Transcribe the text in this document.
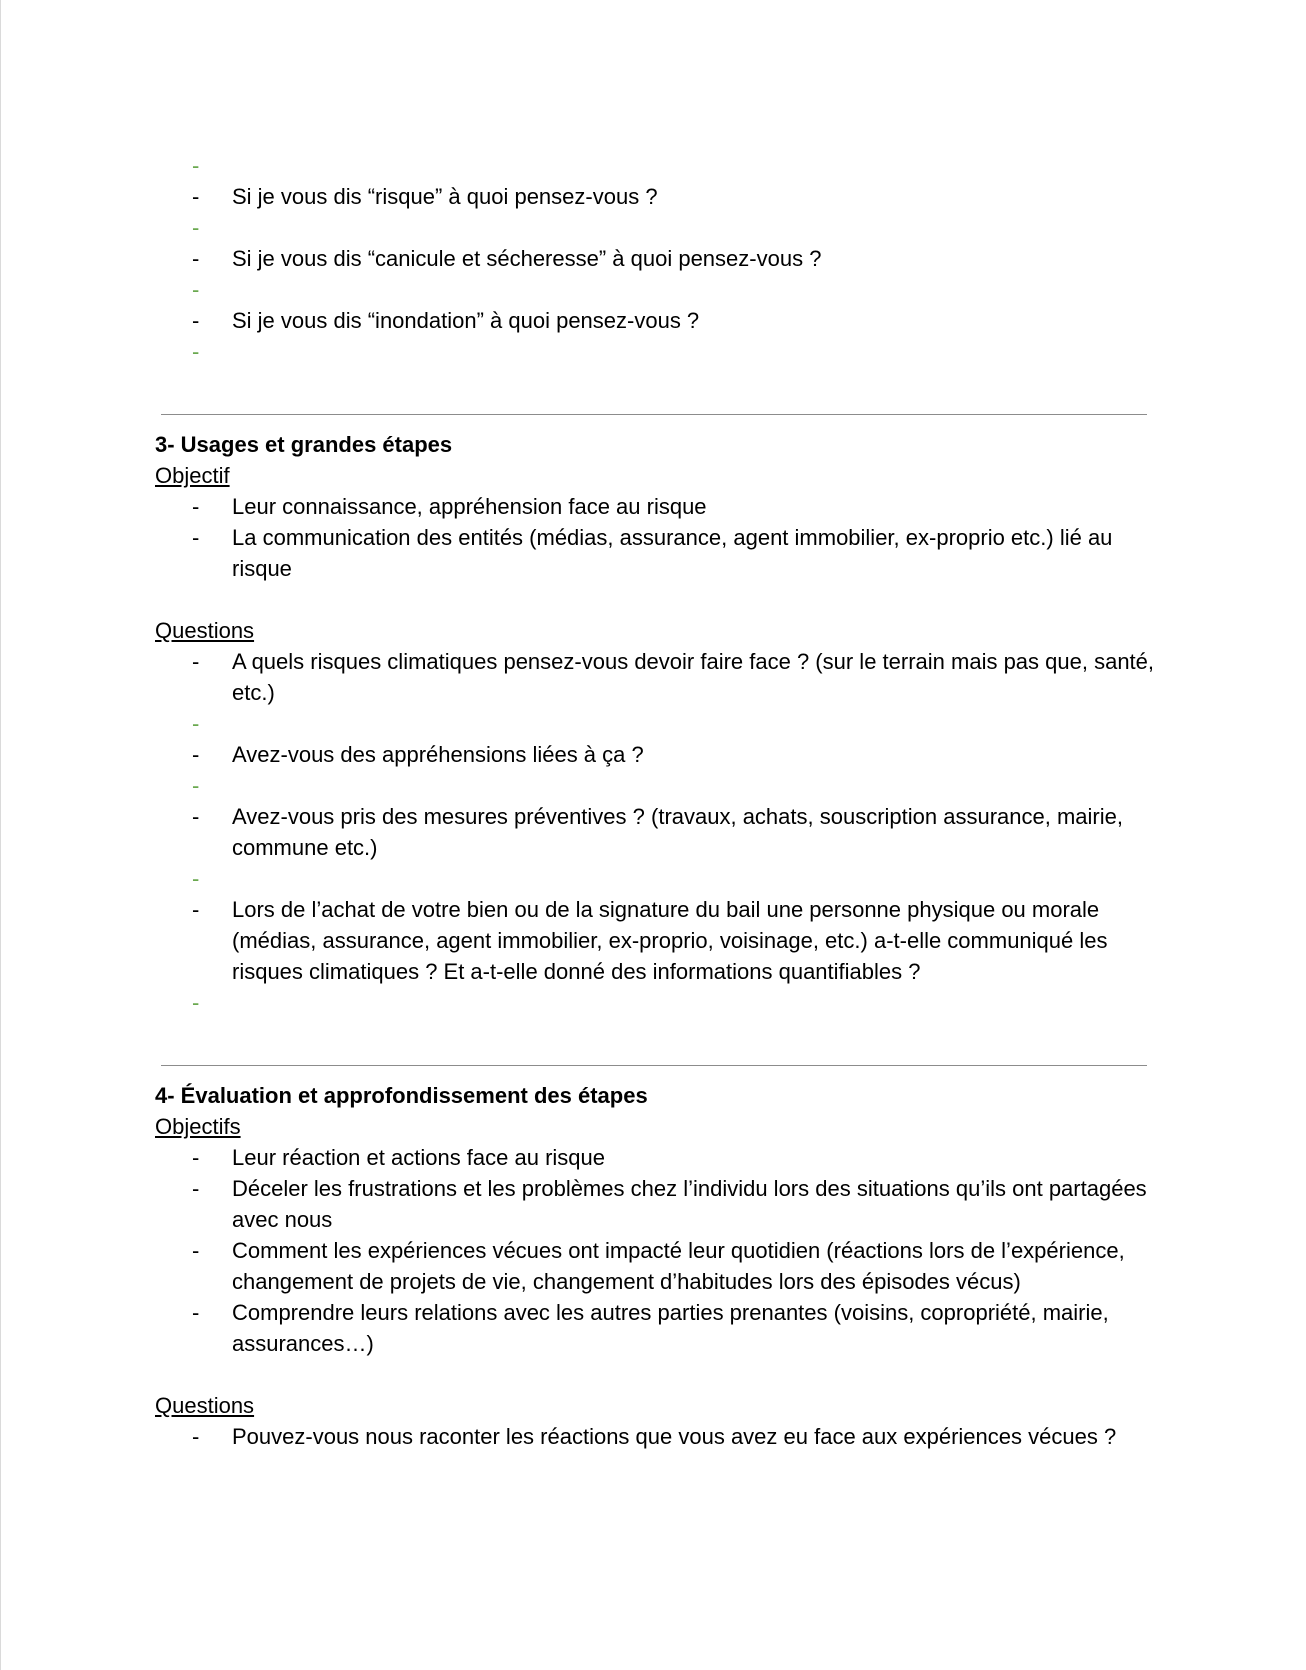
-
-	Si je vous dis “risque” à quoi pensez-vous ?
-
-	Si je vous dis “canicule et sécheresse” à quoi pensez-vous ?
-
-	Si je vous dis “inondation” à quoi pensez-vous ?
-
3- Usages et grandes étapes
Objectif
-	Leur connaissance, appréhension face au risque
-	La communication des entités (médias, assurance, agent immobilier, ex-proprio etc.) lié au risque
Questions
-	A quels risques climatiques pensez-vous devoir faire face ? (sur le terrain mais pas que, santé, etc.)
-
-	Avez-vous des appréhensions liées à ça ?
-
-	Avez-vous pris des mesures préventives ? (travaux, achats, souscription assurance, mairie, commune etc.)
-
-	Lors de l’achat de votre bien ou de la signature du bail une personne physique ou morale (médias, assurance, agent immobilier, ex-proprio, voisinage, etc.) a-t-elle communiqué les risques climatiques ? Et a-t-elle donné des informations quantifiables ?
-
4- Évaluation et approfondissement des étapes
Objectifs
-	Leur réaction et actions face au risque
-	Déceler les frustrations et les problèmes chez l’individu lors des situations qu’ils ont partagées avec nous
-	Comment les expériences vécues ont impacté leur quotidien (réactions lors de l’expérience, changement de projets de vie, changement d’habitudes lors des épisodes vécus)
-	Comprendre leurs relations avec les autres parties prenantes (voisins, copropriété, mairie, assurances…)
Questions
-	Pouvez-vous nous raconter les réactions que vous avez eu face aux expériences vécues ?
